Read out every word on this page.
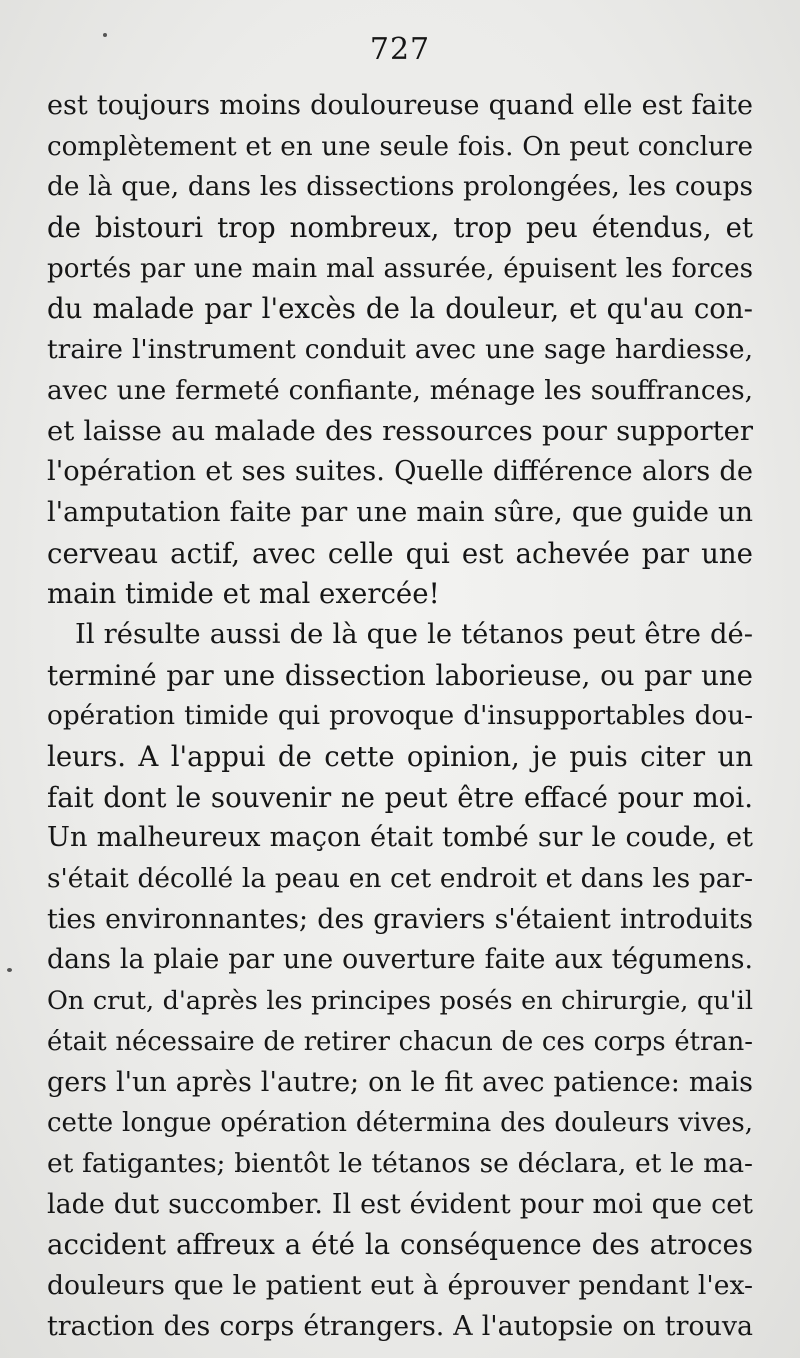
727
est toujours moins douloureuse quand elle est faite
complètement et en une seule fois. On peut conclure
de là que, dans les dissections prolongées, les coups
de bistouri trop nombreux, trop peu étendus, et
portés par une main mal assurée, épuisent les forces
du malade par l'excès de la douleur, et qu'au con-
traire l'instrument conduit avec une sage hardiesse,
avec une fermeté confiante, ménage les souffrances,
et laisse au malade des ressources pour supporter
l'opération et ses suites. Quelle différence alors de
l'amputation faite par une main sûre, que guide un
cerveau actif, avec celle qui est achevée par une
main timide et mal exercée!
Il résulte aussi de là que le tétanos peut être dé-
terminé par une dissection laborieuse, ou par une
opération timide qui provoque d'insupportables dou-
leurs. A l'appui de cette opinion, je puis citer un
fait dont le souvenir ne peut être effacé pour moi.
Un malheureux maçon était tombé sur le coude, et
s'était décollé la peau en cet endroit et dans les par-
ties environnantes; des graviers s'étaient introduits
dans la plaie par une ouverture faite aux tégumens.
On crut, d'après les principes posés en chirurgie, qu'il
était nécessaire de retirer chacun de ces corps étran-
gers l'un après l'autre; on le fit avec patience: mais
cette longue opération détermina des douleurs vives,
et fatigantes; bientôt le tétanos se déclara, et le ma-
lade dut succomber. Il est évident pour moi que cet
accident affreux a été la conséquence des atroces
douleurs que le patient eut à éprouver pendant l'ex-
traction des corps étrangers. A l'autopsie on trouva
